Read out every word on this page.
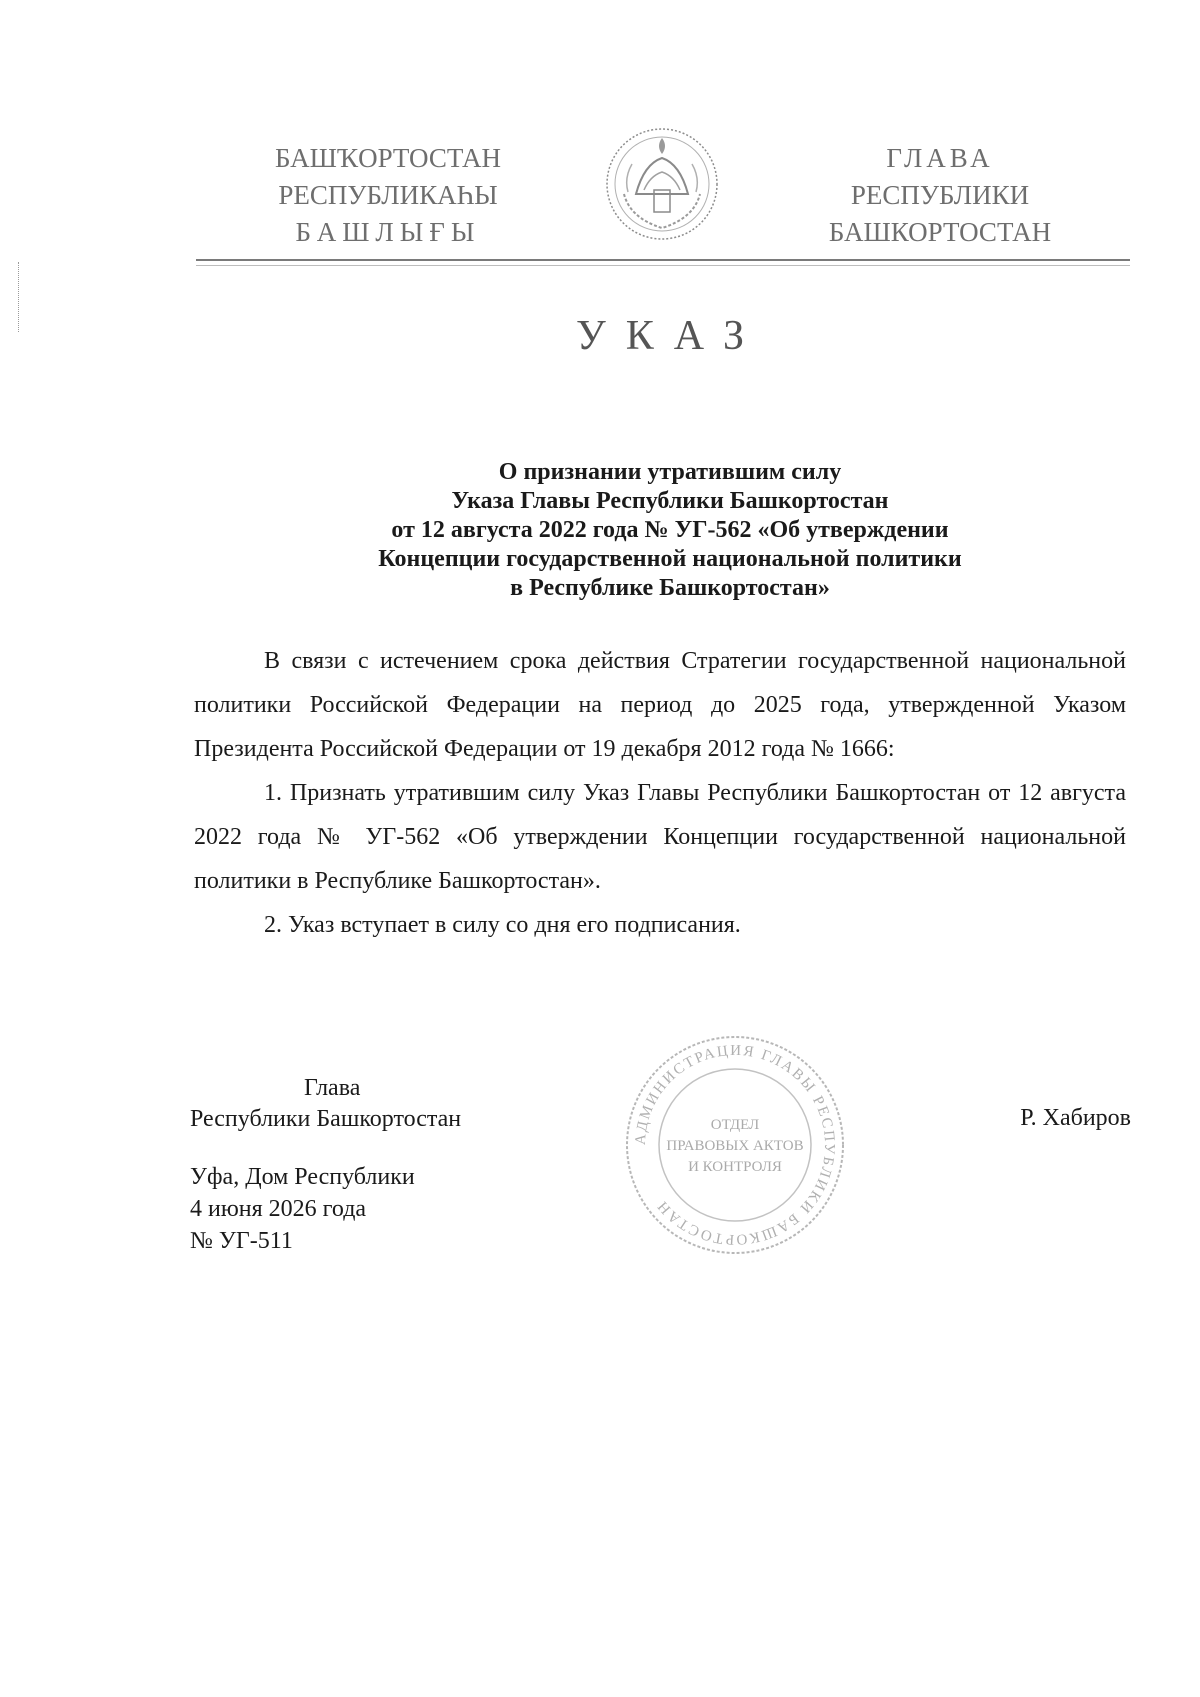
БАШҠОРТОСТАН
РЕСПУБЛИКАҺЫ
БАШЛЫҒЫ
ГЛАВА
РЕСПУБЛИКИ
БАШКОРТОСТАН
УКАЗ
О признании утратившим силу
Указа Главы Республики Башкортостан
от 12 августа 2022 года № УГ-562 «Об утверждении
Концепции государственной национальной политики
в Республике Башкортостан»

В связи с истечением срока действия Стратегии государственной национальной политики Российской Федерации на период до 2025 года, утвержденной Указом Президента Российской Федерации от 19 декабря 2012 года № 1666:

1. Признать утратившим силу Указ Главы Республики Башкортостан от 12 августа 2022 года № УГ-562 «Об утверждении Концепции государственной национальной политики в Республике Башкортостан».

2. Указ вступает в силу со дня его подписания.

Глава
Республики Башкортостан
АДМИНИСТРАЦИЯ ГЛАВЫ РЕСПУБЛИКИ БАШКОРТОСТАН
ОТДЕЛ
ПРАВОВЫХ АКТОВ
И КОНТРОЛЯ
Р. Хабиров
Уфа, Дом Республики
4 июня 2026 года
№ УГ-511
